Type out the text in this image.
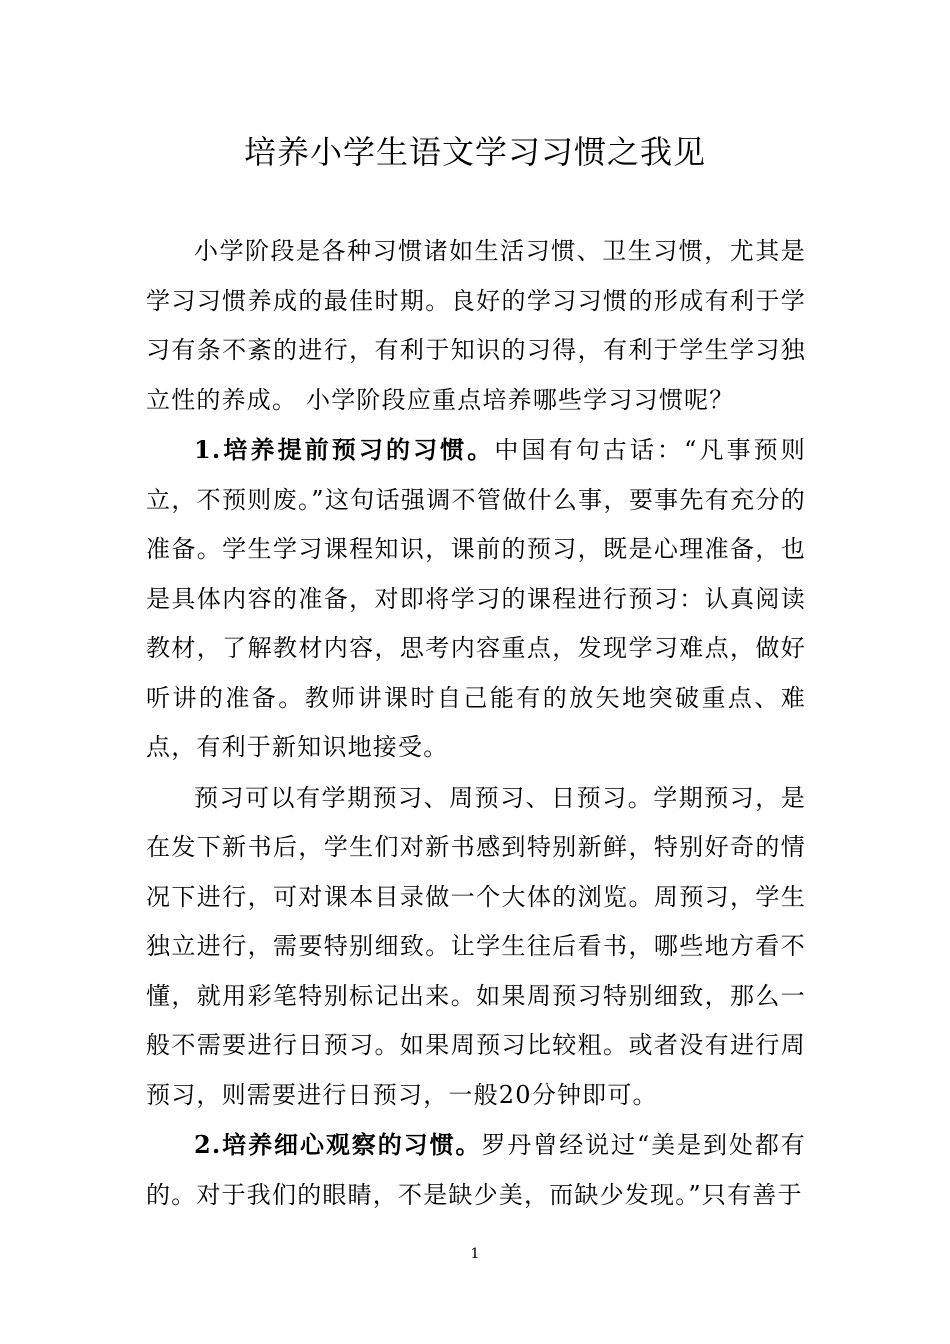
培养小学生语文学习习惯之我见

小学阶段是各种习惯诸如生活习惯、卫生习惯，尤其是学习习惯养成的最佳时期。良好的学习习惯的形成有利于学习有条不紊的进行，有利于知识的习得，有利于学生学习独立性的养成。 小学阶段应重点培养哪些学习习惯呢？

1.培养提前预习的习惯。中国有句古话：“凡事预则立，不预则废。”这句话强调不管做什么事，要事先有充分的准备。学生学习课程知识，课前的预习，既是心理准备，也是具体内容的准备，对即将学习的课程进行预习：认真阅读教材，了解教材内容，思考内容重点，发现学习难点，做好听讲的准备。教师讲课时自己能有的放矢地突破重点、难点，有利于新知识地接受。

预习可以有学期预习、周预习、日预习。学期预习，是在发下新书后，学生们对新书感到特别新鲜，特别好奇的情况下进行，可对课本目录做一个大体的浏览。周预习，学生独立进行，需要特别细致。让学生往后看书，哪些地方看不懂，就用彩笔特别标记出来。如果周预习特别细致，那么一般不需要进行日预习。如果周预习比较粗。或者没有进行周预习，则需要进行日预习，一般20分钟即可。

2.培养细心观察的习惯。罗丹曾经说过“美是到处都有的。对于我们的眼睛，不是缺少美，而缺少发现。”只有善于

1
